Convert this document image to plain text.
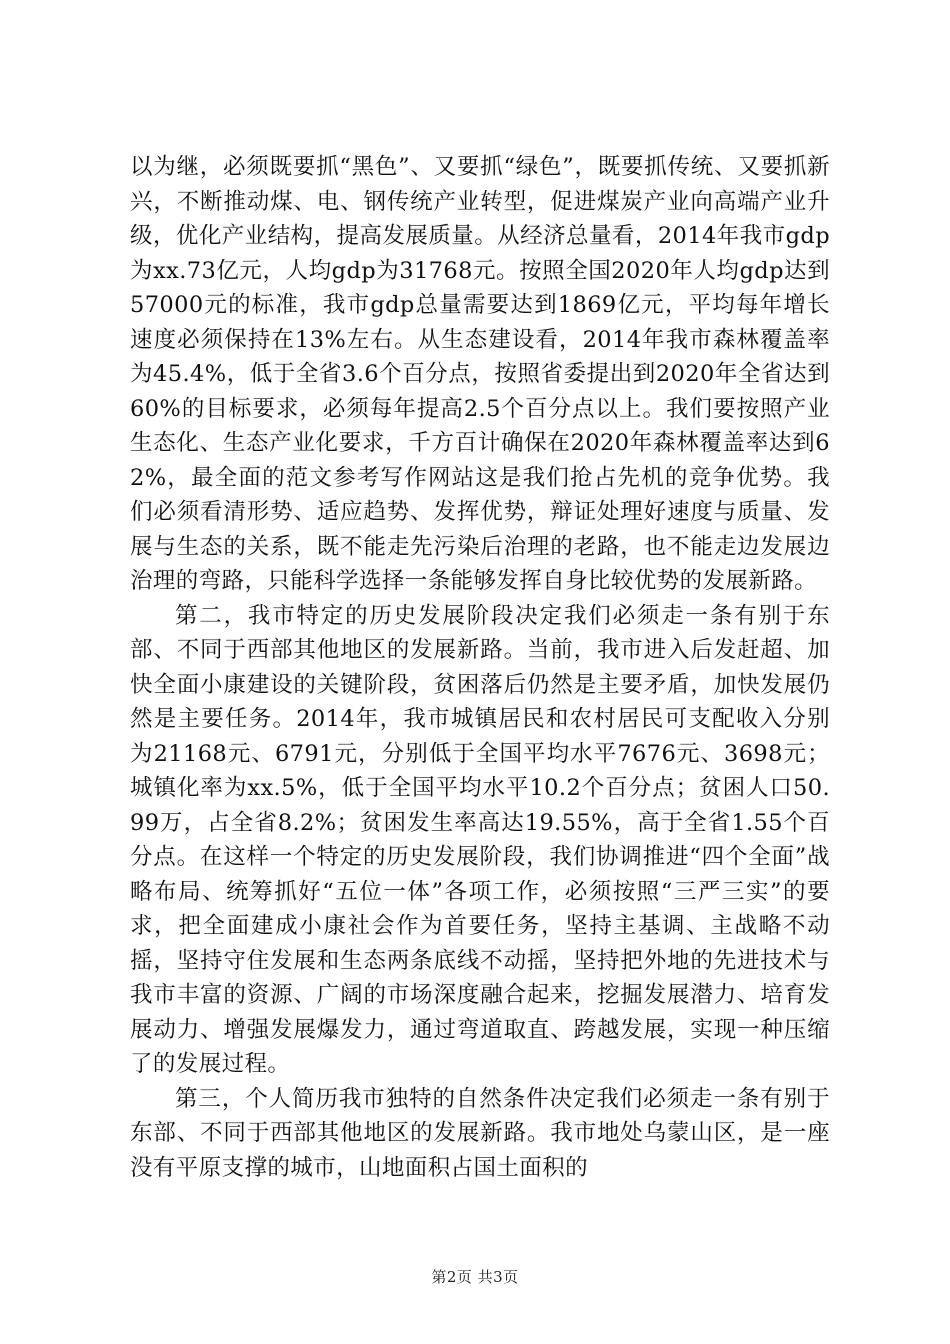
以为继，必须既要抓“黑色”、又要抓“绿色”，既要抓传统、又要抓新兴，不断推动煤、电、钢传统产业转型，促进煤炭产业向高端产业升级，优化产业结构，提高发展质量。从经济总量看，2014年我市gdp为xx.73亿元，人均gdp为31768元。按照全国2020年人均gdp达到57000元的标准，我市gdp总量需要达到1869亿元，平均每年增长速度必须保持在13%左右。从生态建设看，2014年我市森林覆盖率为45.4%，低于全省3.6个百分点，按照省委提出到2020年全省达到60%的目标要求，必须每年提高2.5个百分点以上。我们要按照产业生态化、生态产业化要求，千方百计确保在2020年森林覆盖率达到62%，最全面的范文参考写作网站这是我们抢占先机的竞争优势。我们必须看清形势、适应趋势、发挥优势，辩证处理好速度与质量、发展与生态的关系，既不能走先污染后治理的老路，也不能走边发展边治理的弯路，只能科学选择一条能够发挥自身比较优势的发展新路。

第二，我市特定的历史发展阶段决定我们必须走一条有别于东部、不同于西部其他地区的发展新路。当前，我市进入后发赶超、加快全面小康建设的关键阶段，贫困落后仍然是主要矛盾，加快发展仍然是主要任务。2014年，我市城镇居民和农村居民可支配收入分别为21168元、6791元，分别低于全国平均水平7676元、3698元；城镇化率为xx.5%，低于全国平均水平10.2个百分点；贫困人口50.99万，占全省8.2%；贫困发生率高达19.55%，高于全省1.55个百分点。在这样一个特定的历史发展阶段，我们协调推进“四个全面”战略布局、统筹抓好“五位一体”各项工作，必须按照“三严三实”的要求，把全面建成小康社会作为首要任务，坚持主基调、主战略不动摇，坚持守住发展和生态两条底线不动摇，坚持把外地的先进技术与我市丰富的资源、广阔的市场深度融合起来，挖掘发展潜力、培育发展动力、增强发展爆发力，通过弯道取直、跨越发展，实现一种压缩了的发展过程。

第三，个人简历我市独特的自然条件决定我们必须走一条有别于东部、不同于西部其他地区的发展新路。我市地处乌蒙山区，是一座没有平原支撑的城市，山地面积占国土面积的

第2页 共3页
